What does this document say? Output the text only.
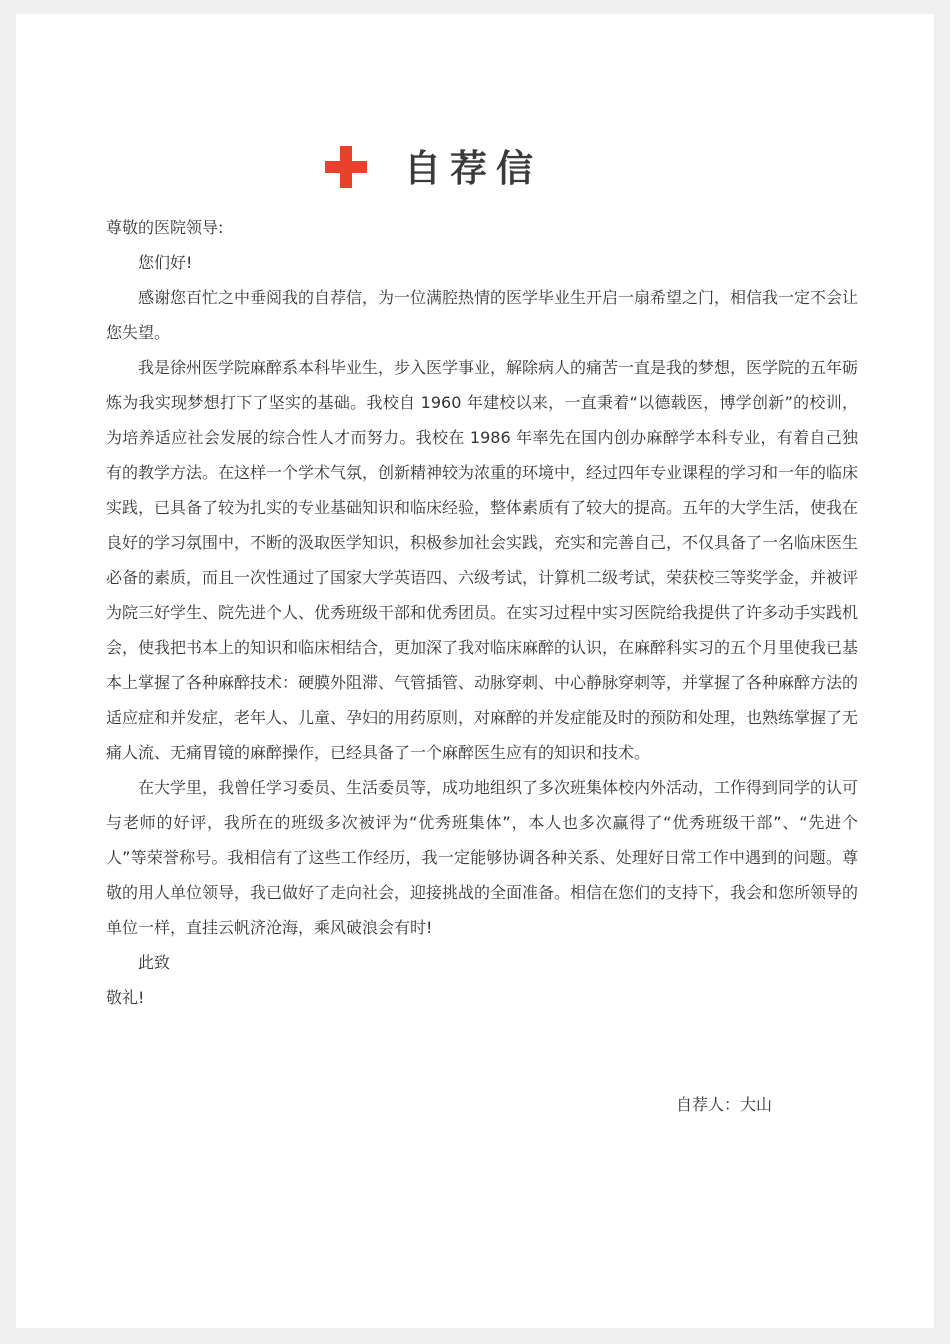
自荐信

尊敬的医院领导:

您们好!

感谢您百忙之中垂阅我的自荐信，为一位满腔热情的医学毕业生开启一扇希望之门，相信我一定不会让您失望。

我是徐州医学院麻醉系本科毕业生，步入医学事业，解除病人的痛苦一直是我的梦想，医学院的五年砺炼为我实现梦想打下了坚实的基础。我校自 1960 年建校以来，一直秉着“以德载医，博学创新”的校训，为培养适应社会发展的综合性人才而努力。我校在 1986 年率先在国内创办麻醉学本科专业，有着自己独有的教学方法。在这样一个学术气氛，创新精神较为浓重的环境中，经过四年专业课程的学习和一年的临床实践，已具备了较为扎实的专业基础知识和临床经验，整体素质有了较大的提高。五年的大学生活，使我在良好的学习氛围中，不断的汲取医学知识，积极参加社会实践，充实和完善自己，不仅具备了一名临床医生必备的素质，而且一次性通过了国家大学英语四、六级考试，计算机二级考试，荣获校三等奖学金，并被评为院三好学生、院先进个人、优秀班级干部和优秀团员。在实习过程中实习医院给我提供了许多动手实践机会，使我把书本上的知识和临床相结合，更加深了我对临床麻醉的认识，在麻醉科实习的五个月里使我已基本上掌握了各种麻醉技术：硬膜外阻滞、气管插管、动脉穿刺、中心静脉穿刺等，并掌握了各种麻醉方法的适应症和并发症，老年人、儿童、孕妇的用药原则，对麻醉的并发症能及时的预防和处理，也熟练掌握了无痛人流、无痛胃镜的麻醉操作，已经具备了一个麻醉医生应有的知识和技术。

在大学里，我曾任学习委员、生活委员等，成功地组织了多次班集体校内外活动，工作得到同学的认可与老师的好评，我所在的班级多次被评为“优秀班集体”，本人也多次赢得了“优秀班级干部”、“先进个人”等荣誉称号。我相信有了这些工作经历，我一定能够协调各种关系、处理好日常工作中遇到的问题。尊敬的用人单位领导，我已做好了走向社会，迎接挑战的全面准备。相信在您们的支持下，我会和您所领导的单位一样，直挂云帆济沧海，乘风破浪会有时!

此致

敬礼!

自荐人：大山
